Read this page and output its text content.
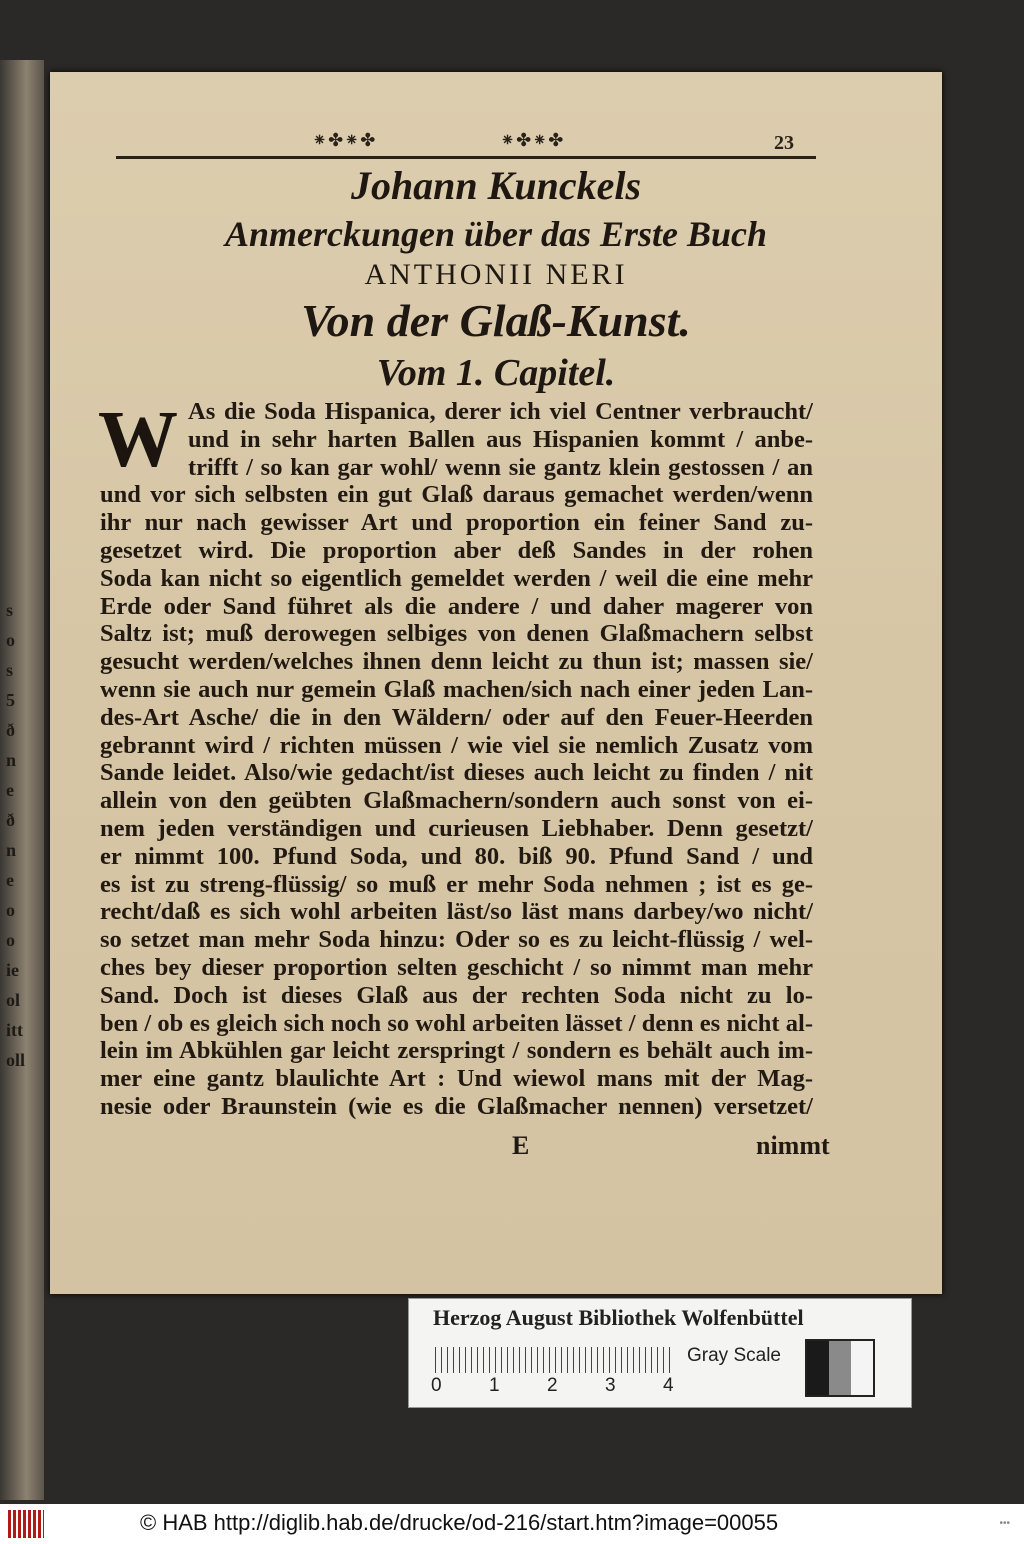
s
o
s
5
ð
n
e
ð
n
e
o
o
ie
ol
itt
oll
⁕✤⁕✤	⁕✤⁕✤	23
Johann Kunckels
Anmerckungen über das Erste Buch
ANTHONII NERI
Von der Glaß-Kunst.
Vom 1. Capitel.
W As die Soda Hispanica, derer ich viel Centner verbraucht/
und in sehr harten Ballen aus Hispanien kommt / anbe-
trifft / so kan gar wohl/ wenn sie gantz klein gestossen / an
und vor sich selbsten ein gut Glaß daraus gemachet werden/wenn
ihr nur nach gewisser Art und proportion ein feiner Sand zu-
gesetzet wird. Die proportion aber deß Sandes in der rohen
Soda kan nicht so eigentlich gemeldet werden / weil die eine mehr
Erde oder Sand führet als die andere / und daher magerer von
Saltz ist; muß derowegen selbiges von denen Glaßmachern selbst
gesucht werden/welches ihnen denn leicht zu thun ist; massen sie/
wenn sie auch nur gemein Glaß machen/sich nach einer jeden Lan-
des-Art Asche/ die in den Wäldern/ oder auf den Feuer-Heerden
gebrannt wird / richten müssen / wie viel sie nemlich Zusatz vom
Sande leidet. Also/wie gedacht/ist dieses auch leicht zu finden / nit
allein von den geübten Glaßmachern/sondern auch sonst von ei-
nem jeden verständigen und curieusen Liebhaber. Denn gesetzt/
er nimmt 100. Pfund Soda, und 80. biß 90. Pfund Sand / und
es ist zu streng-flüssig/ so muß er mehr Soda nehmen ; ist es ge-
recht/daß es sich wohl arbeiten läst/so läst mans darbey/wo nicht/
so setzet man mehr Soda hinzu: Oder so es zu leicht-flüssig / wel-
ches bey dieser proportion selten geschicht / so nimmt man mehr
Sand. Doch ist dieses Glaß aus der rechten Soda nicht zu lo-
ben / ob es gleich sich noch so wohl arbeiten lässet / denn es nicht al-
lein im Abkühlen gar leicht zerspringt / sondern es behält auch im-
mer eine gantz blaulichte Art : Und wiewol mans mit der Mag-
nesie oder Braunstein (wie es die Glaßmacher nennen) versetzet/
E	nimmt
Herzog August Bibliothek Wolfenbüttel
0 1 2 3 4
Gray Scale
© HAB http://diglib.hab.de/drucke/od-216/start.htm?image=00055	•••
